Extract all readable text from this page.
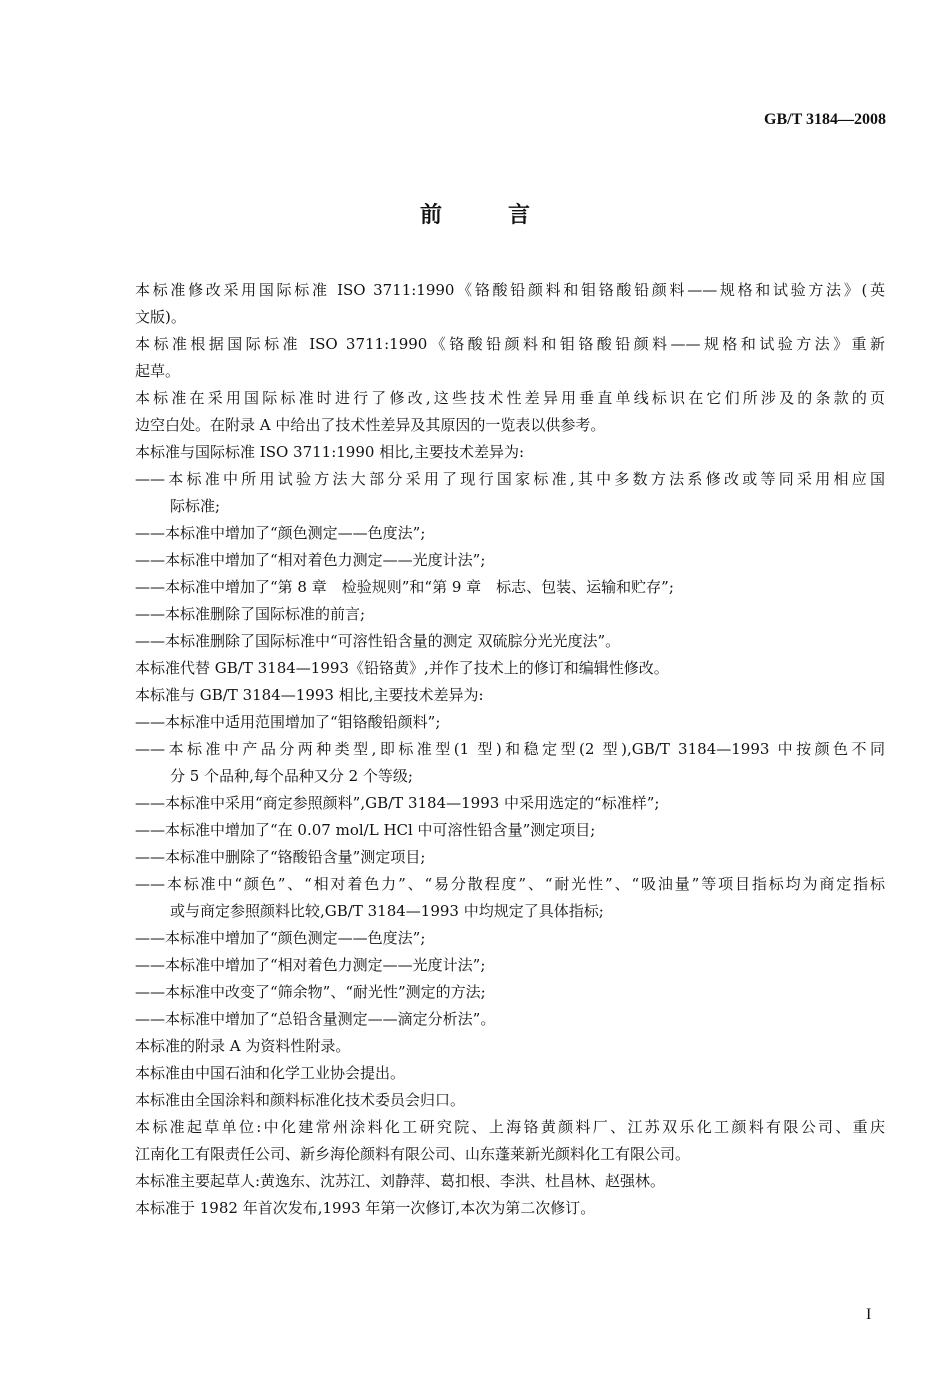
GB/T 3184—2008
前　言
本标准修改采用国际标准 ISO 3711:1990《铬酸铅颜料和钼铬酸铅颜料——规格和试验方法》(英
文版)。
本标准根据国际标准 ISO 3711:1990《铬酸铅颜料和钼铬酸铅颜料——规格和试验方法》重新
起草。
本标准在采用国际标准时进行了修改,这些技术性差异用垂直单线标识在它们所涉及的条款的页
边空白处。在附录 A 中给出了技术性差异及其原因的一览表以供参考。
本标准与国际标准 ISO 3711:1990 相比,主要技术差异为:
——本标准中所用试验方法大部分采用了现行国家标准,其中多数方法系修改或等同采用相应国
际标准;
——本标准中增加了“颜色测定——色度法”;
——本标准中增加了“相对着色力测定——光度计法”;
——本标准中增加了“第 8 章　检验规则”和“第 9 章　标志、包装、运输和贮存”;
——本标准删除了国际标准的前言;
——本标准删除了国际标准中“可溶性铅含量的测定 双硫腙分光光度法”。
本标准代替 GB/T 3184—1993《铅铬黄》,并作了技术上的修订和编辑性修改。
本标准与 GB/T 3184—1993 相比,主要技术差异为:
——本标准中适用范围增加了“钼铬酸铅颜料”;
——本标准中产品分两种类型,即标准型(1 型)和稳定型(2 型),GB/T 3184—1993 中按颜色不同
分 5 个品种,每个品种又分 2 个等级;
——本标准中采用“商定参照颜料”,GB/T 3184—1993 中采用选定的“标准样”;
——本标准中增加了“在 0.07 mol/L HCl 中可溶性铅含量”测定项目;
——本标准中删除了“铬酸铅含量”测定项目;
——本标准中“颜色”、“相对着色力”、“易分散程度”、“耐光性”、“吸油量”等项目指标均为商定指标
或与商定参照颜料比较,GB/T 3184—1993 中均规定了具体指标;
——本标准中增加了“颜色测定——色度法”;
——本标准中增加了“相对着色力测定——光度计法”;
——本标准中改变了“筛余物”、“耐光性”测定的方法;
——本标准中增加了“总铅含量测定——滴定分析法”。
本标准的附录 A 为资料性附录。
本标准由中国石油和化学工业协会提出。
本标准由全国涂料和颜料标准化技术委员会归口。
本标准起草单位:中化建常州涂料化工研究院、上海铬黄颜料厂、江苏双乐化工颜料有限公司、重庆
江南化工有限责任公司、新乡海伦颜料有限公司、山东蓬莱新光颜料化工有限公司。
本标准主要起草人:黄逸东、沈苏江、刘静萍、葛扣根、李洪、杜昌林、赵强林。
本标准于 1982 年首次发布,1993 年第一次修订,本次为第二次修订。
I
